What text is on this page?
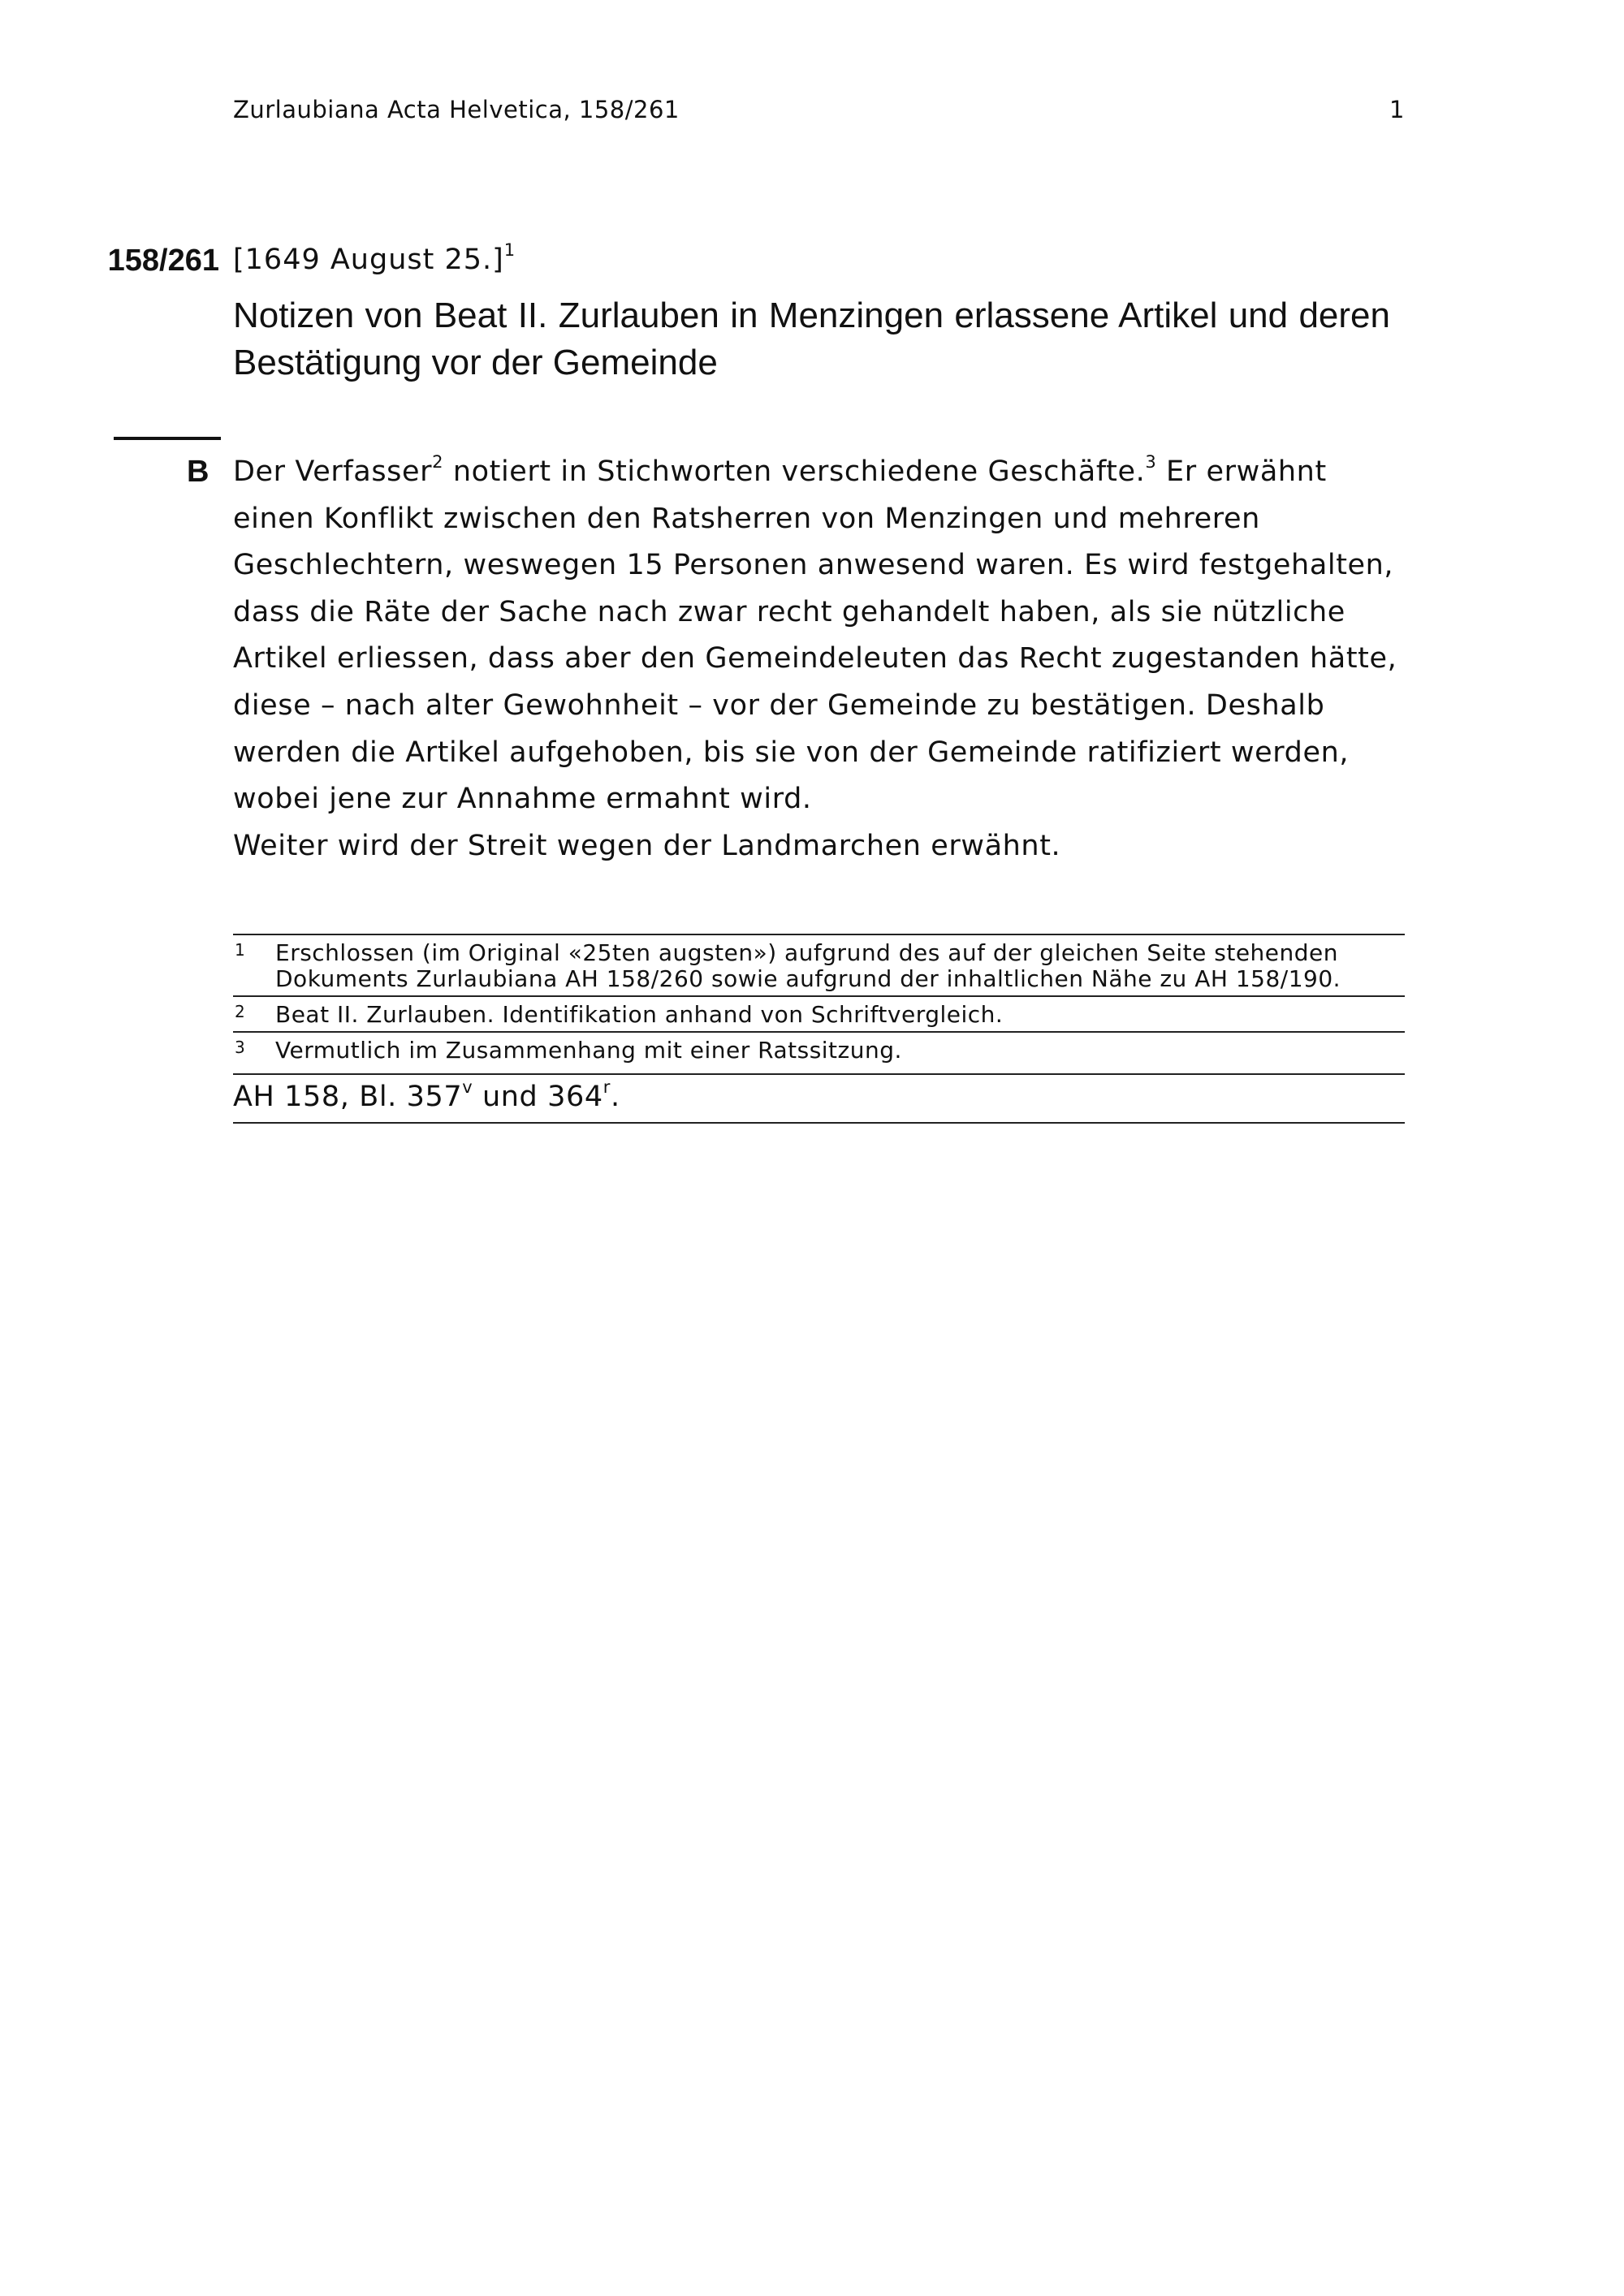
Zurlaubiana Acta Helvetica, 158/261	1
158/261 [1649 August 25.]$^1$
Notizen von Beat II. Zurlauben in Menzingen erlassene Artikel und deren Bestätigung vor der Gemeinde
B Der Verfasser$^2$ notiert in Stichworten verschiedene Geschäfte.$^3$ Er erwähnt einen Konflikt zwischen den Ratsherren von Menzingen und mehreren Geschlechtern, weswegen 15 Personen anwesend waren. Es wird festgehalten, dass die Räte der Sache nach zwar recht gehandelt haben, als sie nützliche Artikel erliessen, dass aber den Gemeindeleuten das Recht zugestanden hätte, diese – nach alter Gewohnheit – vor der Gemeinde zu bestätigen. Deshalb werden die Artikel aufgehoben, bis sie von der Gemeinde ratifiziert werden, wobei jene zur Annahme ermahnt wird.

Weiter wird der Streit wegen der Landmarchen erwähnt.

1	Erschlossen (im Original «25ten augsten») aufgrund des auf der gleichen Seite stehenden Dokuments Zurlaubiana AH 158/260 sowie aufgrund der inhaltlichen Nähe zu AH 158/190.
2	Beat II. Zurlauben. Identifikation anhand von Schriftvergleich.
3	Vermutlich im Zusammenhang mit einer Ratssitzung.
AH 158, Bl. 357$^v$ und 364$^r$.
